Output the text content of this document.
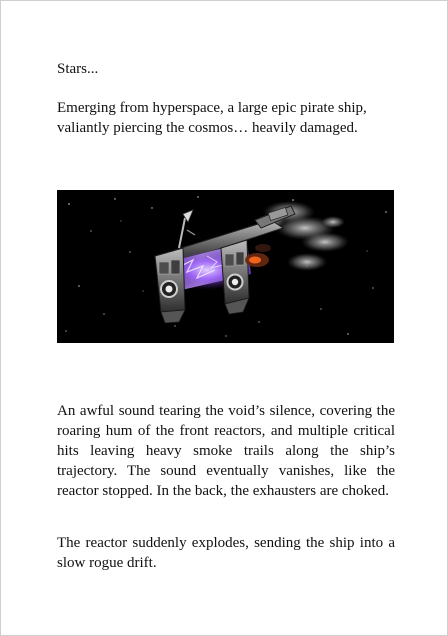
Stars...

Emerging from hyperspace, a large epic pirate ship, valiantly piercing the cosmos… heavily damaged.

An awful sound tearing the void’s silence, covering the roaring hum of the front reactors, and multiple critical hits leaving heavy smoke trails along the ship’s trajectory. The sound eventually vanishes, like the reactor stopped. In the back, the exhausters are choked.

The reactor suddenly explodes, sending the ship into a slow rogue drift.
